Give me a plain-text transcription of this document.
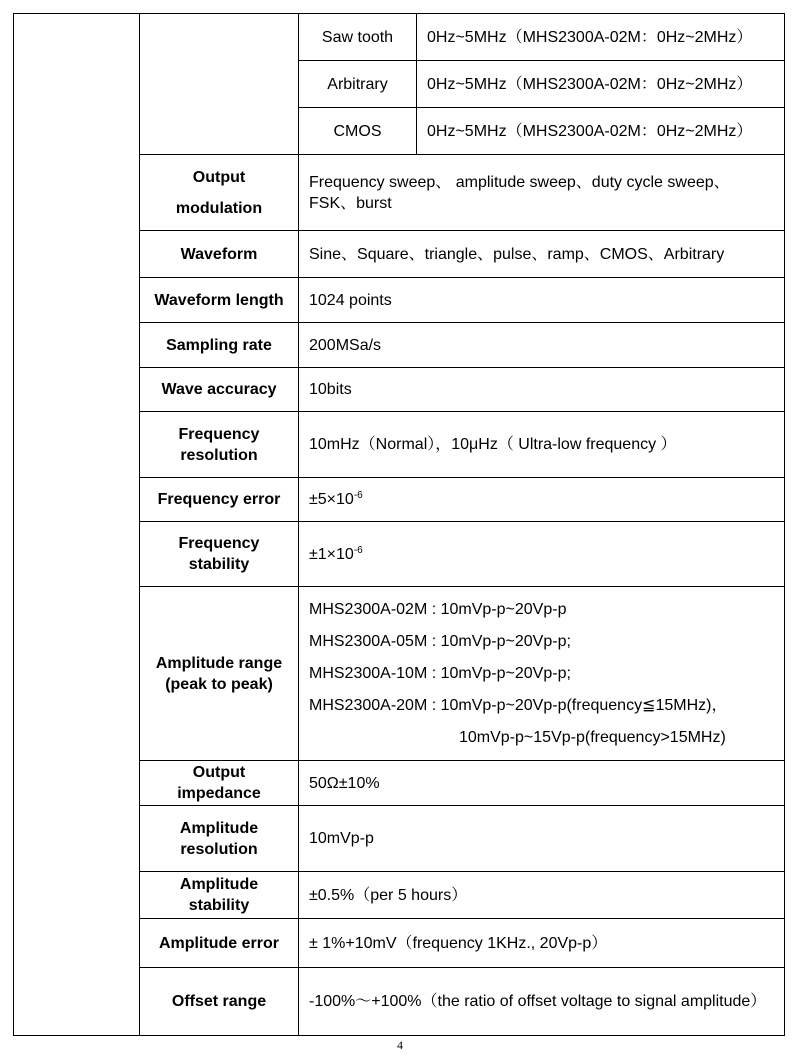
		Saw tooth	0Hz~5MHz（MHS2300A-02M：0Hz~2MHz）
		Arbitrary	0Hz~5MHz（MHS2300A-02M：0Hz~2MHz）
		CMOS	0Hz~5MHz（MHS2300A-02M：0Hz~2MHz）

	Output
modulation	Frequency sweep、 amplitude sweep、duty cycle sweep、FSK、burst	
	Waveform	Sine、Square、triangle、pulse、ramp、CMOS、Arbitrary	
	Waveform length	1024 points	
	Sampling rate	200MSa/s	
	Wave accuracy	10bits	

	Frequency
resolution	10mHz（Normal），10μHz（ Ultra-low frequency ）	
	Frequency error	$\pm 5\times 10^{-6}$

	Frequency
stability	$\pm 1\times 10^{-6}$

	Amplitude range
(peak to peak)	MHS2300A-02M : 10mVp-p~20Vp-p
MHS2300A-05M : 10mVp-p~20Vp-p;
MHS2300A-10M : 10mVp-p~20Vp-p;
MHS2300A-20M : 10mVp-p~20Vp-p(frequency≦15MHz)，
10mVp-p~15Vp-p(frequency>15MHz)	

	Output impedance	50Ω±10%	

	Amplitude
resolution	10mVp-p	
	Amplitude stability	±0.5%（per 5 hours）	
	Amplitude error	± 1%+10mV（frequency 1KHz., 20Vp-p）	
	Offset range	-100%～+100%（the ratio of offset voltage to signal amplitude）	
4
